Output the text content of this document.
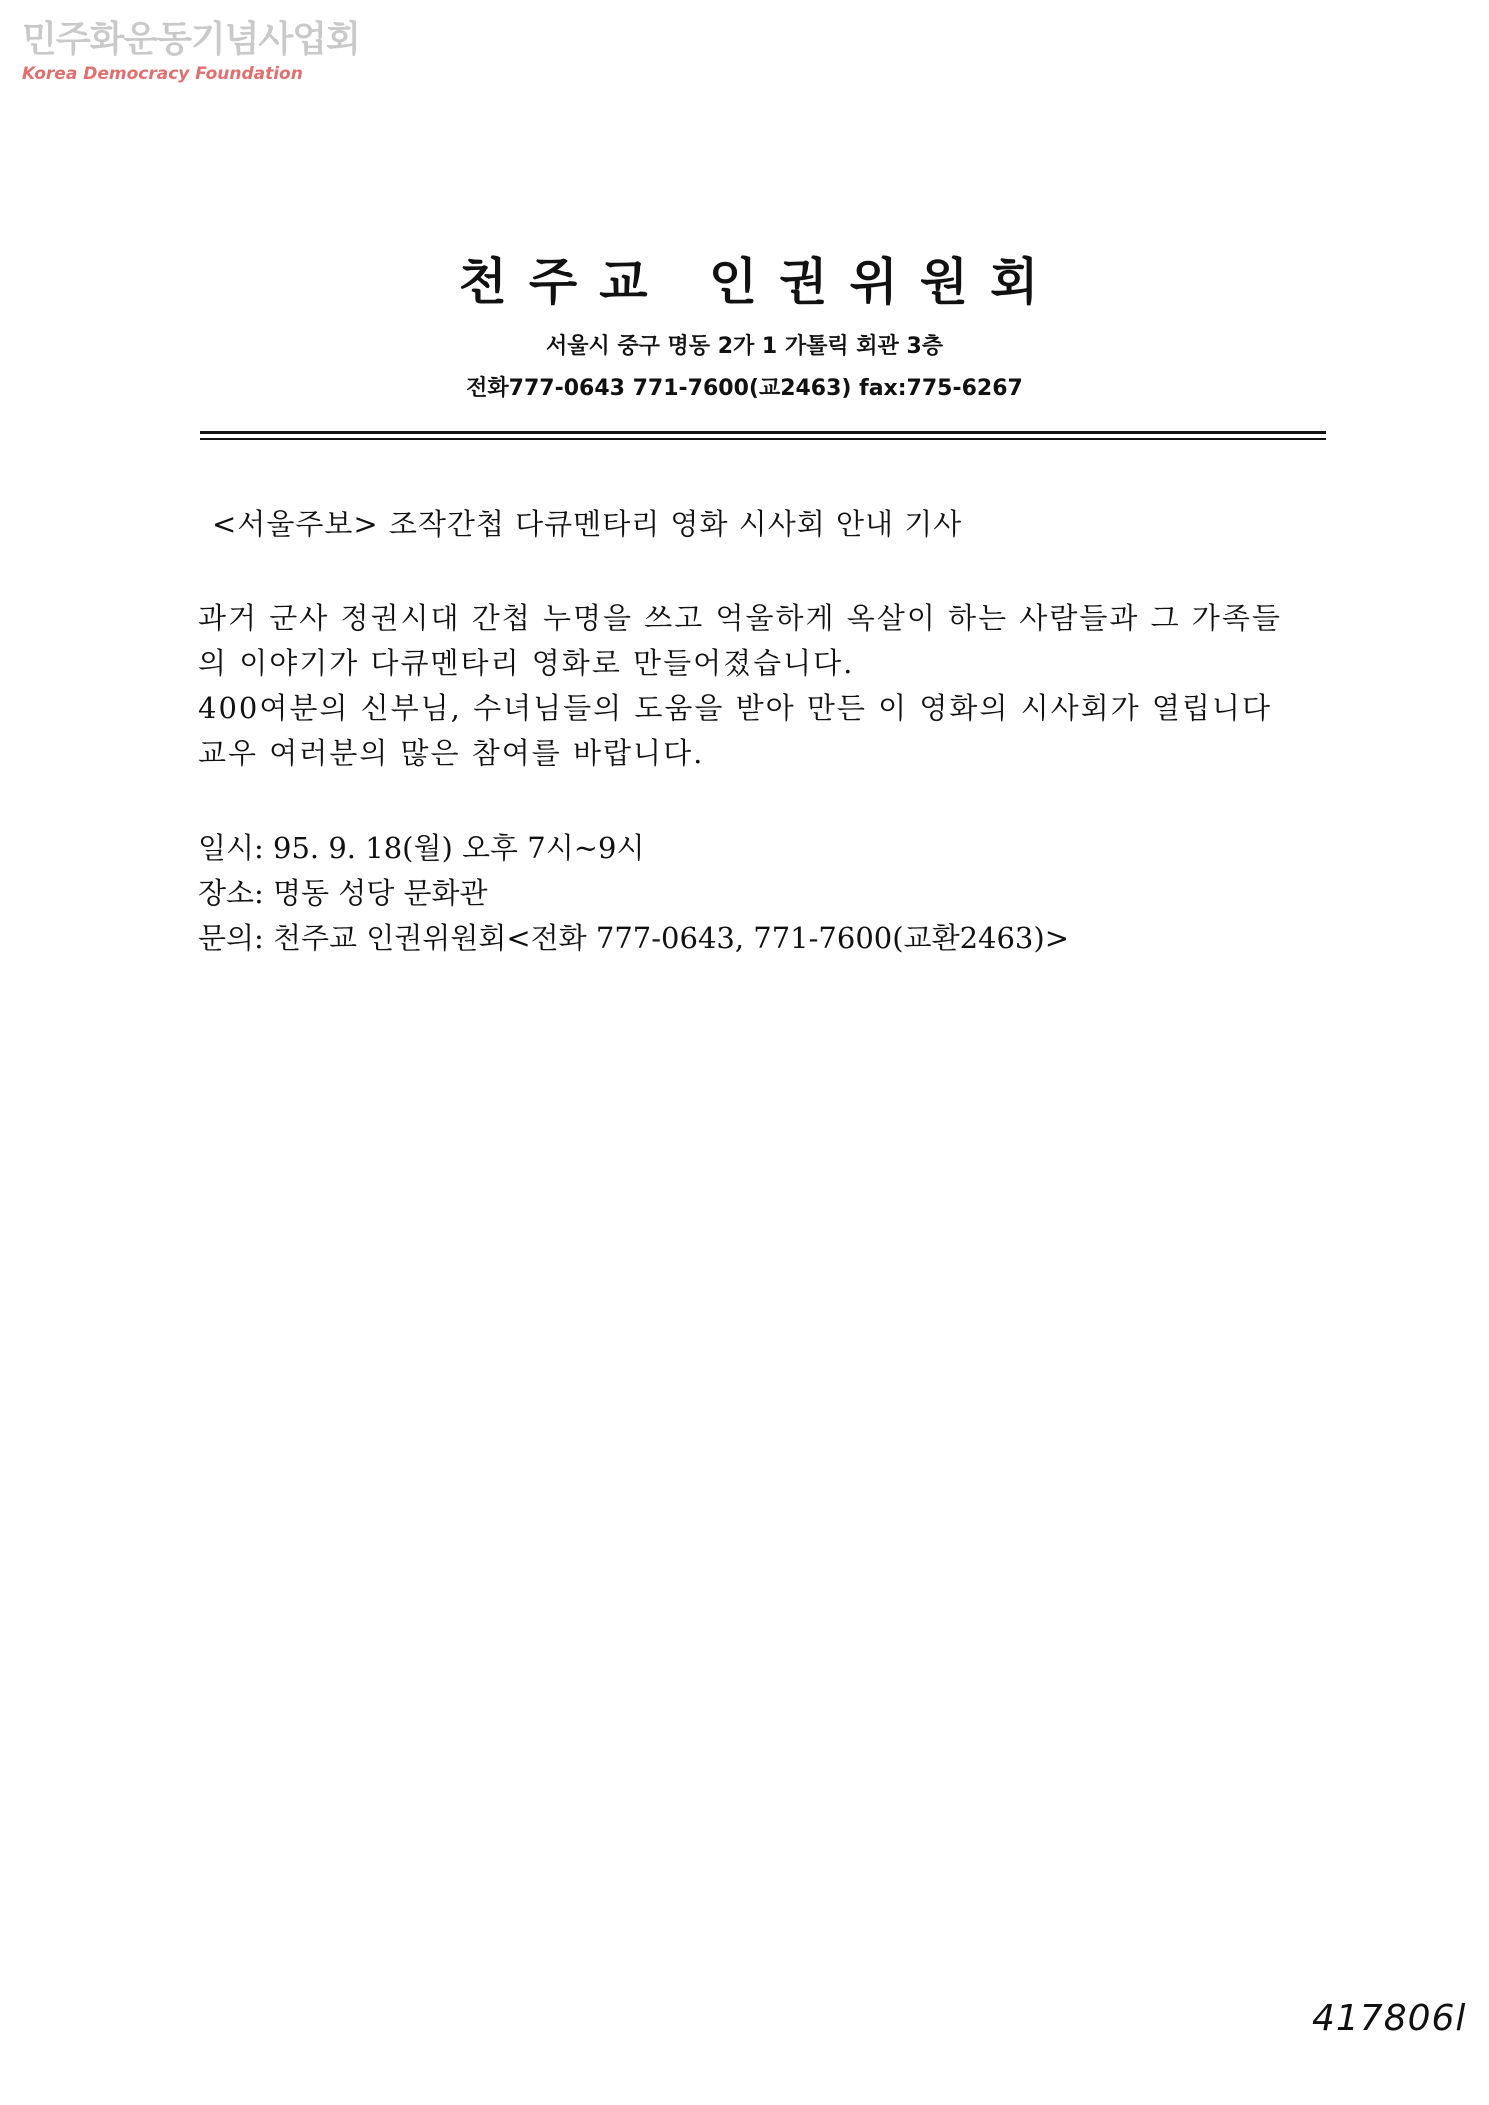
민주화운동기념사업회
Korea Democracy Foundation
천주교 인권위원회
서울시 중구 명동 2가 1 가톨릭 회관 3층
전화777-0643 771-7600(교2463) fax:775-6267
<서울주보> 조작간첩 다큐멘타리 영화 시사회 안내 기사
과거 군사 정권시대 간첩 누명을 쓰고 억울하게 옥살이 하는 사람들과 그 가족들
의 이야기가 다큐멘타리 영화로 만들어졌습니다.
400여분의 신부님, 수녀님들의 도움을 받아 만든 이 영화의 시사회가 열립니다
교우 여러분의 많은 참여를 바랍니다.
일시: 95. 9. 18(월) 오후 7시~9시
장소: 명동 성당 문화관
문의: 천주교 인권위원회<전화 777-0643, 771-7600(교환2463)>
417806l
